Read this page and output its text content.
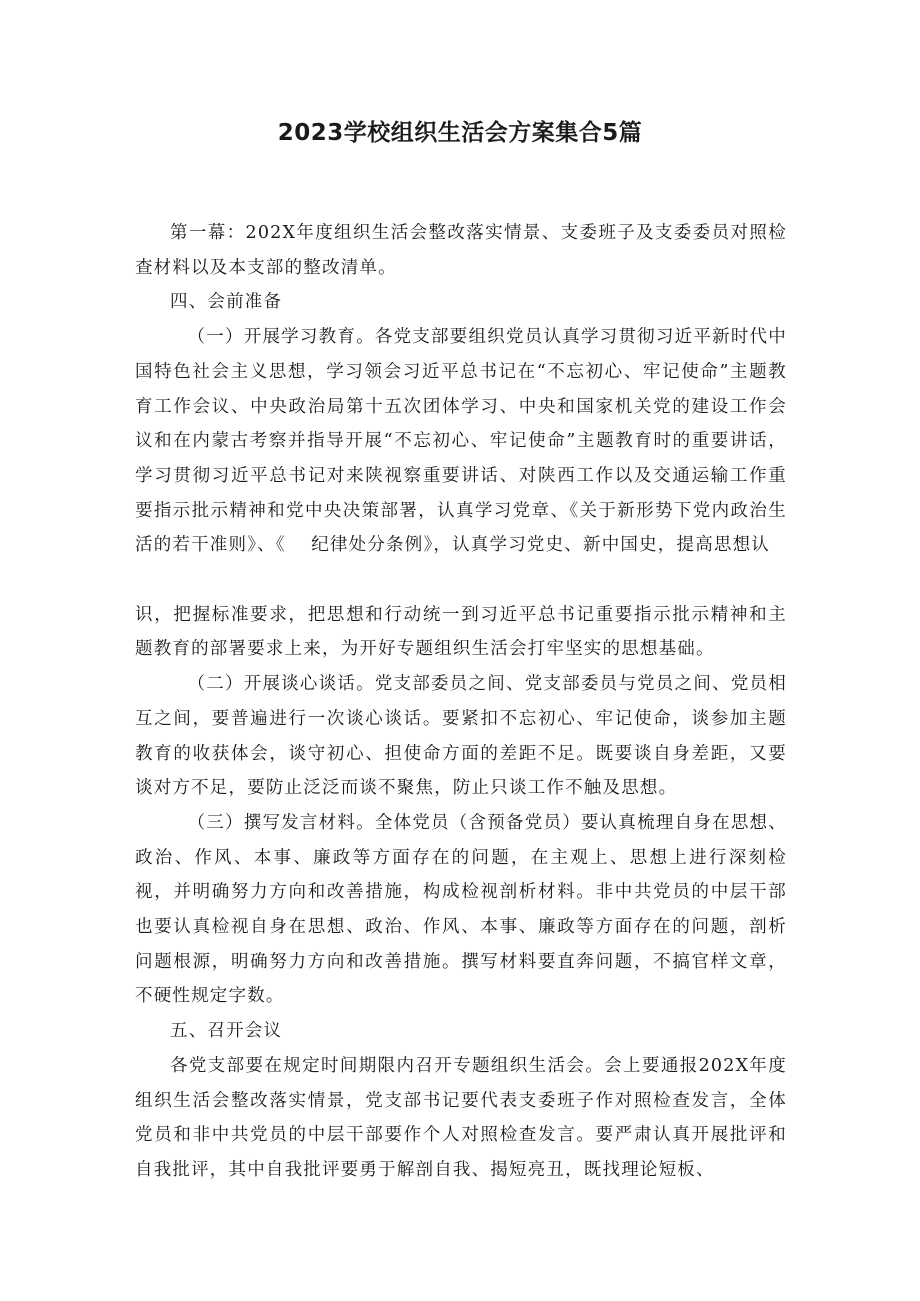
2023学校组织生活会方案集合5篇

第一幕：202X年度组织生活会整改落实情景、支委班子及支委委员对照检查材料以及本支部的整改清单。

四、会前准备

（一）开展学习教育。各党支部要组织党员认真学习贯彻习近平新时代中国特色社会主义思想，学习领会习近平总书记在“不忘初心、牢记使命”主题教育工作会议、中央政治局第十五次团体学习、中央和国家机关党的建设工作会议和在内蒙古考察并指导开展“不忘初心、牢记使命”主题教育时的重要讲话，学习贯彻习近平总书记对来陕视察重要讲话、对陕西工作以及交通运输工作重要指示批示精神和党中央决策部署，认真学习党章、《关于新形势下党内政治生活的若干准则》、《　 纪律处分条例》，认真学习党史、新中国史，提高思想认

识，把握标准要求，把思想和行动统一到习近平总书记重要指示批示精神和主题教育的部署要求上来，为开好专题组织生活会打牢坚实的思想基础。

（二）开展谈心谈话。党支部委员之间、党支部委员与党员之间、党员相互之间，要普遍进行一次谈心谈话。要紧扣不忘初心、牢记使命，谈参加主题教育的收获体会，谈守初心、担使命方面的差距不足。既要谈自身差距，又要谈对方不足，要防止泛泛而谈不聚焦，防止只谈工作不触及思想。

（三）撰写发言材料。全体党员（含预备党员）要认真梳理自身在思想、政治、作风、本事、廉政等方面存在的问题，在主观上、思想上进行深刻检视，并明确努力方向和改善措施，构成检视剖析材料。非中共党员的中层干部也要认真检视自身在思想、政治、作风、本事、廉政等方面存在的问题，剖析问题根源，明确努力方向和改善措施。撰写材料要直奔问题，不搞官样文章，不硬性规定字数。

五、召开会议

各党支部要在规定时间期限内召开专题组织生活会。会上要通报202X年度组织生活会整改落实情景，党支部书记要代表支委班子作对照检查发言，全体党员和非中共党员的中层干部要作个人对照检查发言。要严肃认真开展批评和自我批评，其中自我批评要勇于解剖自我、揭短亮丑，既找理论短板、
